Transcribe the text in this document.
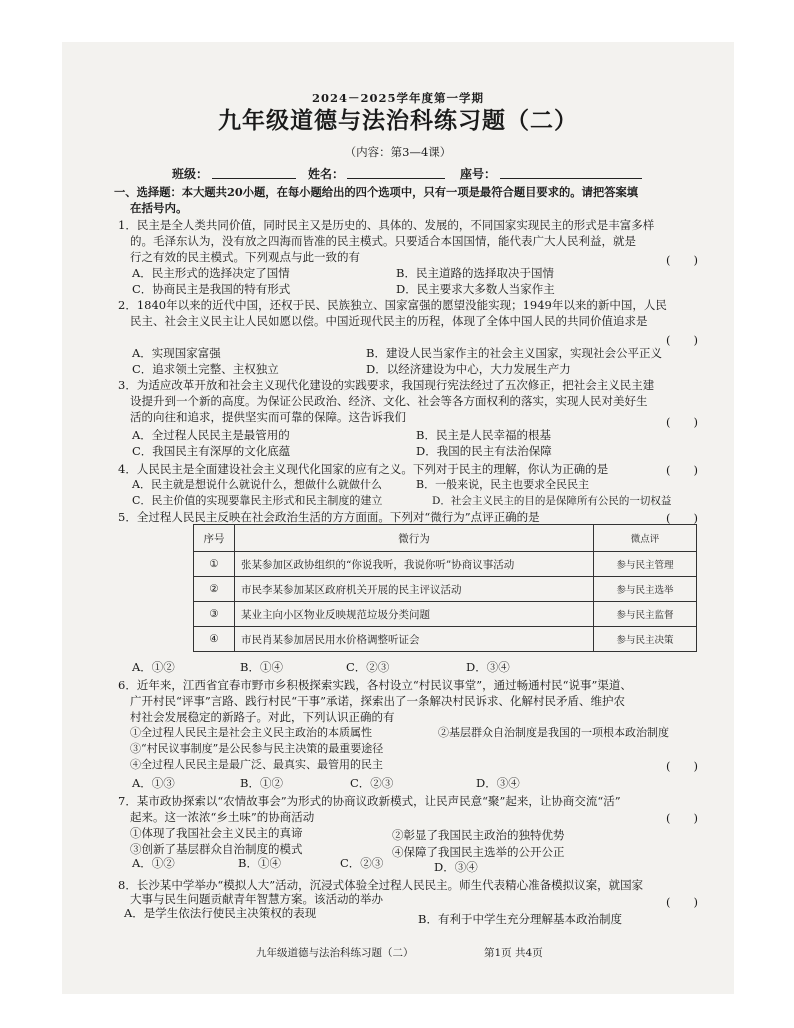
2024－2025学年度第一学期
九年级道德与法治科练习题（二）
（内容：第3—4课）
班级：	姓名：	座号：
一、选择题：本大题共20小题，在每小题给出的四个选项中，只有一项是最符合题目要求的。请把答案填
在括号内。
1．民主是全人类共同价值，同时民主又是历史的、具体的、发展的，不同国家实现民主的形式是丰富多样
的。毛泽东认为，没有放之四海而皆准的民主模式。只要适合本国国情，能代表广大人民利益，就是
行之有效的民主模式。下列观点与此一致的有	(　　)
A．民主形式的选择决定了国情	B．民主道路的选择取决于国情
C．协商民主是我国的特有形式	D．民主要求大多数人当家作主
2．1840年以来的近代中国，还权于民、民族独立、国家富强的愿望没能实现；1949年以来的新中国，人民
民主、社会主义民主让人民如愿以偿。中国近现代民主的历程，体现了全体中国人民的共同价值追求是
(　　)
A．实现国家富强	B．建设人民当家作主的社会主义国家，实现社会公平正义
C．追求领土完整、主权独立	D．以经济建设为中心，大力发展生产力
3．为适应改革开放和社会主义现代化建设的实践要求，我国现行宪法经过了五次修正，把社会主义民主建
设提升到一个新的高度。为保证公民政治、经济、文化、社会等各方面权利的落实，实现人民对美好生
活的向往和追求，提供坚实而可靠的保障。这告诉我们	(　　)
A．全过程人民民主是最管用的	B．民主是人民幸福的根基
C．我国民主有深厚的文化底蕴	D．我国的民主有法治保障
4．人民民主是全面建设社会主义现代化国家的应有之义。下列对于民主的理解，你认为正确的是	(　　)
A．民主就是想说什么就说什么，想做什么就做什么	B．一般来说，民主也要求全民民主
C．民主价值的实现要靠民主形式和民主制度的建立	D．社会主义民主的目的是保障所有公民的一切权益
5．全过程人民民主反映在社会政治生活的方方面面。下列对“微行为”点评正确的是	(　　)
序号	微行为	微点评
①	张某参加区政协组织的“你说我听，我说你听”协商议事活动	参与民主管理
②	市民李某参加某区政府机关开展的民主评议活动	参与民主选举
③	某业主向小区物业反映规范垃圾分类问题	参与民主监督
④	市民肖某参加居民用水价格调整听证会	参与民主决策
A．①②	B．①④	C．②③	D．③④
6．近年来，江西省宜春市野市乡积极探索实践，各村设立“村民议事堂”，通过畅通村民“说事”渠道、
广开村民“评事”言路、践行村民“干事”承诺，探索出了一条解决村民诉求、化解村民矛盾、维护农
村社会发展稳定的新路子。对此，下列认识正确的有
①全过程人民民主是社会主义民主政治的本质属性	②基层群众自治制度是我国的一项根本政治制度
③“村民议事制度”是公民参与民主决策的最重要途径
④全过程人民民主是最广泛、最真实、最管用的民主	(　　)
A．①③	B．①②	C．②③	D．③④
7．某市政协探索以“农情故事会”为形式的协商议政新模式，让民声民意“聚”起来，让协商交流“活”
起来。这一浓浓“乡土味”的协商活动	(　　)
①体现了我国社会主义民主的真谛	②彰显了我国民主政治的独特优势
③创新了基层群众自治制度的模式	④保障了我国民主选举的公开公正
A．①②	B．①④	C．②③	D．③④
8．长沙某中学举办“模拟人大”活动，沉浸式体验全过程人民民主。师生代表精心准备模拟议案，就国家
大事与民生问题贡献青年智慧方案。该活动的举办	(　　)
A．是学生依法行使民主决策权的表现	B．有利于中学生充分理解基本政治制度
九年级道德与法治科练习题（二）	第1页 共4页
